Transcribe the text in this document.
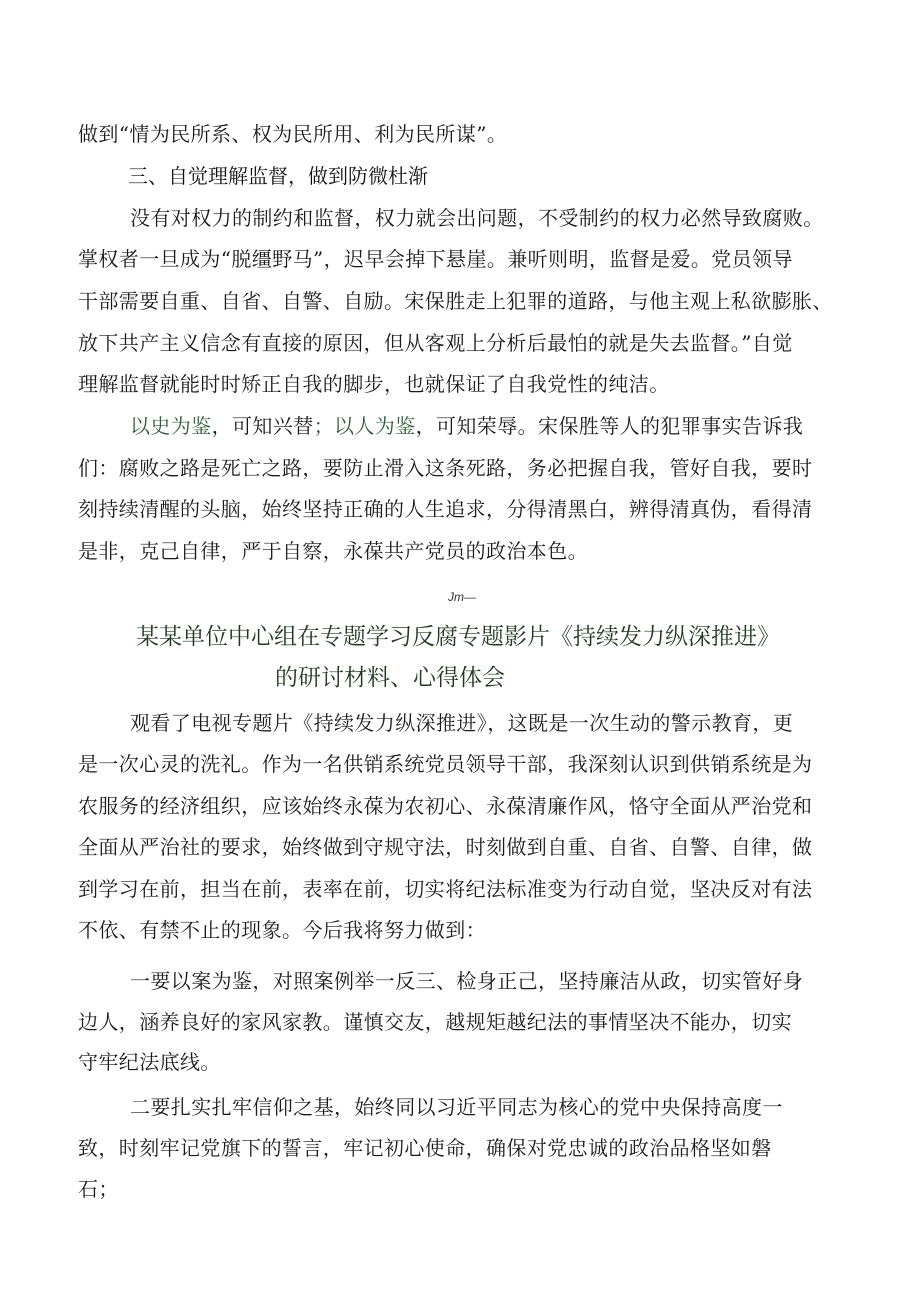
做到“情为民所系、权为民所用、利为民所谋”。
三、自觉理解监督，做到防微杜渐
没有对权力的制约和监督，权力就会出问题，不受制约的权力必然导致腐败。
掌权者一旦成为“脱缰野马”，迟早会掉下悬崖。兼听则明，监督是爱。党员领导
干部需要自重、自省、自警、自励。宋保胜走上犯罪的道路，与他主观上私欲膨胀、
放下共产主义信念有直接的原因，但从客观上分析后最怕的就是失去监督。”自觉
理解监督就能时时矫正自我的脚步，也就保证了自我党性的纯洁。
以史为鉴，可知兴替；以人为鉴，可知荣辱。宋保胜等人的犯罪事实告诉我
们：腐败之路是死亡之路，要防止滑入这条死路，务必把握自我，管好自我，要时
刻持续清醒的头脑，始终坚持正确的人生追求，分得清黑白，辨得清真伪，看得清
是非，克己自律，严于自察，永葆共产党员的政治本色。
Jm—
某某单位中心组在专题学习反腐专题影片《持续发力纵深推进》
的研讨材料、心得体会
观看了电视专题片《持续发力纵深推进》，这既是一次生动的警示教育，更
是一次心灵的洗礼。作为一名供销系统党员领导干部，我深刻认识到供销系统是为
农服务的经济组织，应该始终永葆为农初心、永葆清廉作风，恪守全面从严治党和
全面从严治社的要求，始终做到守规守法，时刻做到自重、自省、自警、自律，做
到学习在前，担当在前，表率在前，切实将纪法标准变为行动自觉，坚决反对有法
不依、有禁不止的现象。今后我将努力做到：
一要以案为鉴，对照案例举一反三、检身正己，坚持廉洁从政，切实管好身
边人，涵养良好的家风家教。谨慎交友，越规矩越纪法的事情坚决不能办，切实
守牢纪法底线。
二要扎实扎牢信仰之基，始终同以习近平同志为核心的党中央保持高度一
致，时刻牢记党旗下的誓言，牢记初心使命，确保对党忠诚的政治品格坚如磐
石；
